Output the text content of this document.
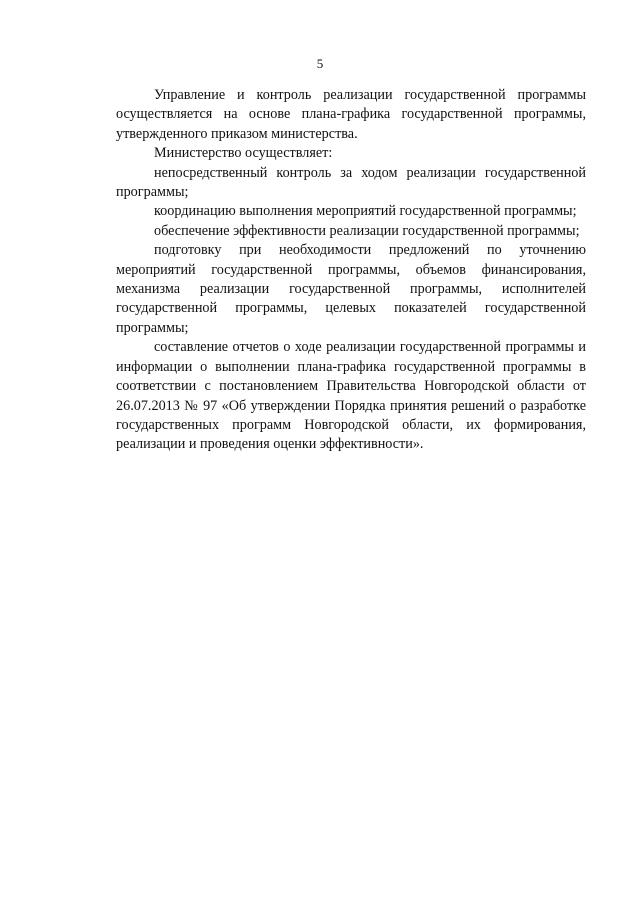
5

Управление и контроль реализации государственной программы осуществляется на основе плана-графика государственной программы, утвержденного приказом министерства.

Министерство осуществляет:

непосредственный контроль за ходом реализации государственной программы;

координацию выполнения мероприятий государственной программы;

обеспечение эффективности реализации государственной программы;

подготовку при необходимости предложений по уточнению мероприятий государственной программы, объемов финансирования, механизма реализации государственной программы, исполнителей государственной программы, целевых показателей государственной программы;

составление отчетов о ходе реализации государственной программы и информации о выполнении плана-графика государственной программы в соответствии с постановлением Правительства Новгородской области от 26.07.2013 № 97 «Об утверждении Порядка принятия решений о разработке государственных программ Новгородской области, их формирования, реализации и проведения оценки эффективности».
